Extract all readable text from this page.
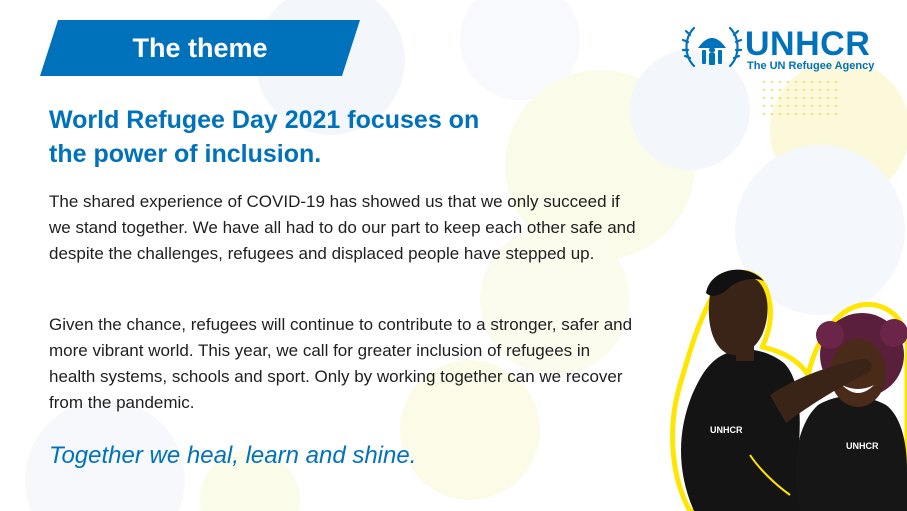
The theme	UNHCR
The UN Refugee Agency
World Refugee Day 2021 focuses on
the power of inclusion.

The shared experience of COVID-19 has showed us that we only succeed if we stand together. We have all had to do our part to keep each other safe and despite the challenges, refugees and displaced people have stepped up.

Given the chance, refugees will continue to contribute to a stronger, safer and more vibrant world. This year, we call for greater inclusion of refugees in health systems, schools and sport. Only by working together can we recover from the pandemic.

Together we heal, learn and shine.
